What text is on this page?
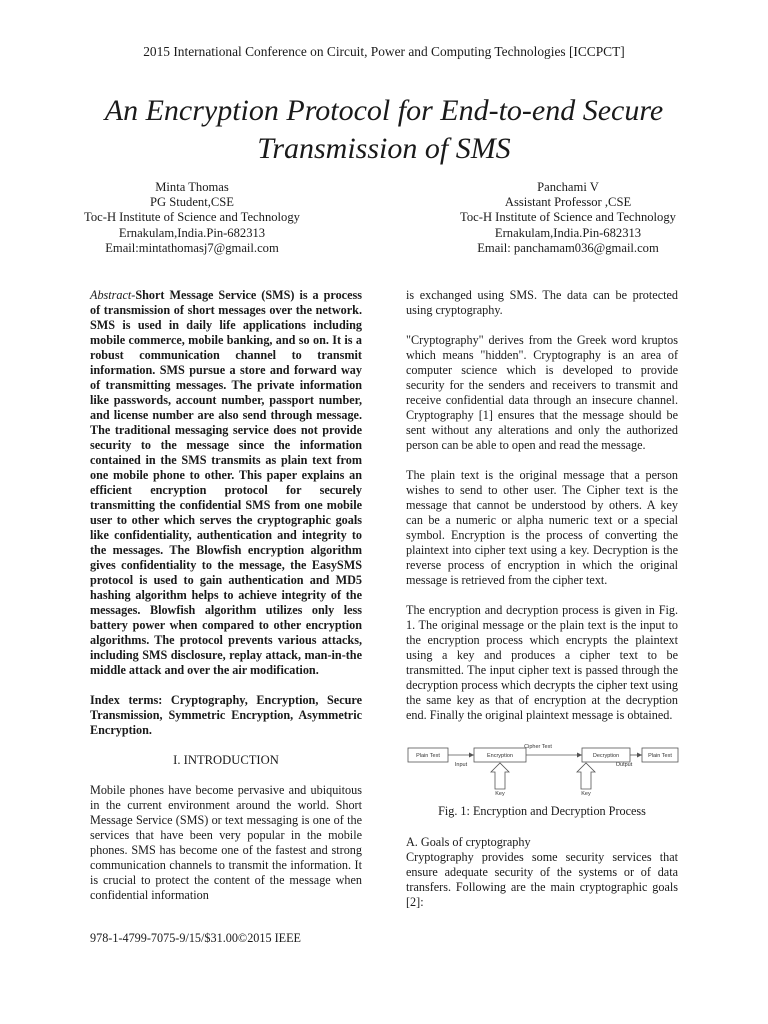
2015 International Conference on Circuit, Power and Computing Technologies [ICCPCT]
An Encryption Protocol for End-to-end Secure
Transmission of SMS
Minta Thomas
PG Student,CSE
Toc-H Institute of Science and Technology
Ernakulam,India.Pin-682313
Email:mintathomasj7@gmail.com
Panchami V
Assistant Professor ,CSE
Toc-H Institute of Science and Technology
Ernakulam,India.Pin-682313
Email: panchamam036@gmail.com

Abstract-Short Message Service (SMS) is a process of transmission of short messages over the network. SMS is used in daily life applications including mobile commerce, mobile banking, and so on. It is a robust communication channel to transmit information. SMS pursue a store and forward way of transmitting messages. The private information like passwords, account number, passport number, and license number are also send through message. The traditional messaging service does not provide security to the message since the information contained in the SMS transmits as plain text from one mobile phone to other. This paper explains an efficient encryption protocol for securely transmitting the confidential SMS from one mobile user to other which serves the cryptographic goals like confidentiality, authentication and integrity to the messages. The Blowfish encryption algorithm gives confidentiality to the message, the EasySMS protocol is used to gain authentication and MD5 hashing algorithm helps to achieve integrity of the messages. Blowfish algorithm utilizes only less battery power when compared to other encryption algorithms. The protocol prevents various attacks, including SMS disclosure, replay attack, man-in-the middle attack and over the air modification.

Index terms: Cryptography, Encryption, Secure Transmission, Symmetric Encryption, Asymmetric Encryption.

I. INTRODUCTION

Mobile phones have become pervasive and ubiquitous in the current environment around the world. Short Message Service (SMS) or text messaging is one of the services that have been very popular in the mobile phones. SMS has become one of the fastest and strong communication channels to transmit the information. It is crucial to protect the content of the message when confidential information

is exchanged using SMS. The data can be protected using cryptography.

"Cryptography" derives from the Greek word kruptos which means "hidden". Cryptography is an area of computer science which is developed to provide security for the senders and receivers to transmit and receive confidential data through an insecure channel. Cryptography [1] ensures that the message should be sent without any alterations and only the authorized person can be able to open and read the message.

The plain text is the original message that a person wishes to send to other user. The Cipher text is the message that cannot be understood by others. A key can be a numeric or alpha numeric text or a special symbol. Encryption is the process of converting the plaintext into cipher text using a key. Decryption is the reverse process of encryption in which the original message is retrieved from the cipher text.

The encryption and decryption process is given in Fig. 1. The original message or the plain text is the input to the encryption process which encrypts the plaintext using a key and produces a cipher text to be transmitted. The input cipher text is passed through the decryption process which decrypts the cipher text using the same key as that of encryption at the decryption end. Finally the original plaintext message is obtained.

Plain Text	Encryption	Decryption	Plain Text
Input
Cipher Text
Output
Key	Key

Fig. 1: Encryption and Decryption Process

A. Goals of cryptography

Cryptography provides some security services that ensure adequate security of the systems or of data transfers. Following are the main cryptographic goals [2]:

978-1-4799-7075-9/15/$31.00©2015 IEEE
